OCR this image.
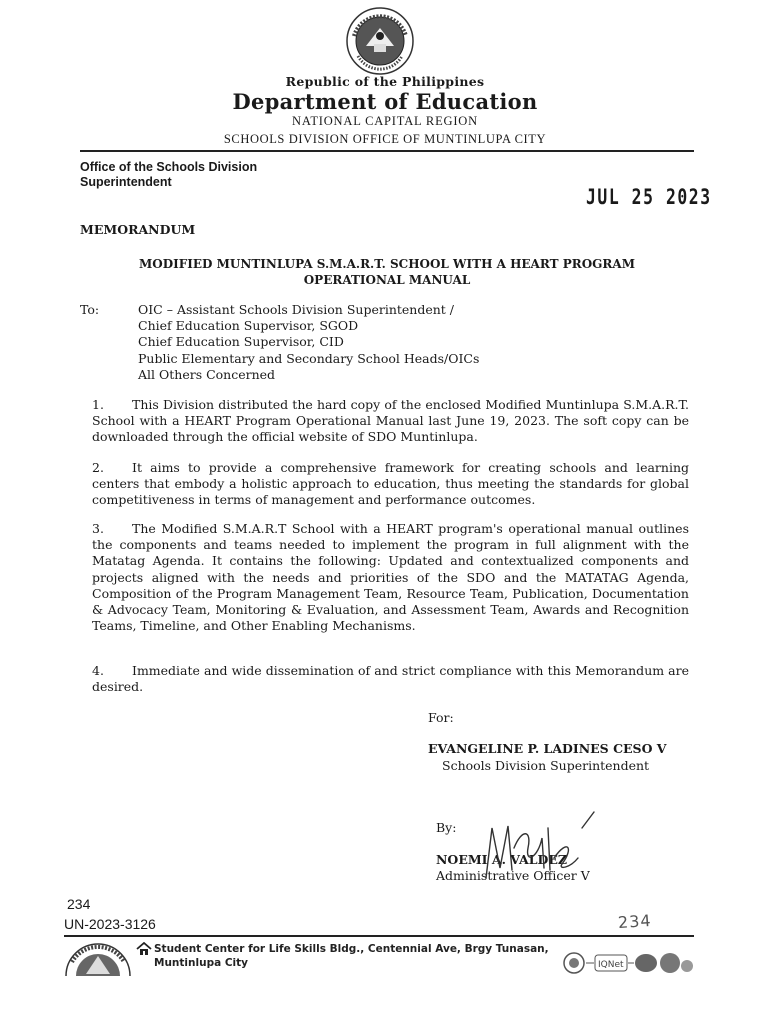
Republic of the Philippines
Department of Education
NATIONAL CAPITAL REGION
SCHOOLS DIVISION OFFICE OF MUNTINLUPA CITY
Office of the Schools Division
Superintendent
JUL 25 2023
MEMORANDUM
MODIFIED MUNTINLUPA S.M.A.R.T. SCHOOL WITH A HEART PROGRAM
OPERATIONAL MANUAL
To:	OIC – Assistant Schools Division Superintendent /
Chief Education Supervisor, SGOD
Chief Education Supervisor, CID
Public Elementary and Secondary School Heads/OICs
All Others Concerned
1. This Division distributed the hard copy of the enclosed Modified Muntinlupa S.M.A.R.T. School with a HEART Program Operational Manual last June 19, 2023. The soft copy can be downloaded through the official website of SDO Muntinlupa.
2. It aims to provide a comprehensive framework for creating schools and learning centers that embody a holistic approach to education, thus meeting the standards for global competitiveness in terms of management and performance outcomes.
3. The Modified S.M.A.R.T School with a HEART program's operational manual outlines the components and teams needed to implement the program in full alignment with the Matatag Agenda. It contains the following: Updated and contextualized components and projects aligned with the needs and priorities of the SDO and the MATATAG Agenda, Composition of the Program Management Team, Resource Team, Publication, Documentation & Advocacy Team, Monitoring & Evaluation, and Assessment Team, Awards and Recognition Teams, Timeline, and Other Enabling Mechanisms.
4. Immediate and wide dissemination of and strict compliance with this Memorandum are desired.
For:
EVANGELINE P. LADINES CESO V
Schools Division Superintendent
By:
NOEMI A. VALDEZ
Administrative Officer V
234
UN-2023-3126	234
Student Center for Life Skills Bldg., Centennial Ave, Brgy Tunasan,
Muntinlupa City	IQNet
